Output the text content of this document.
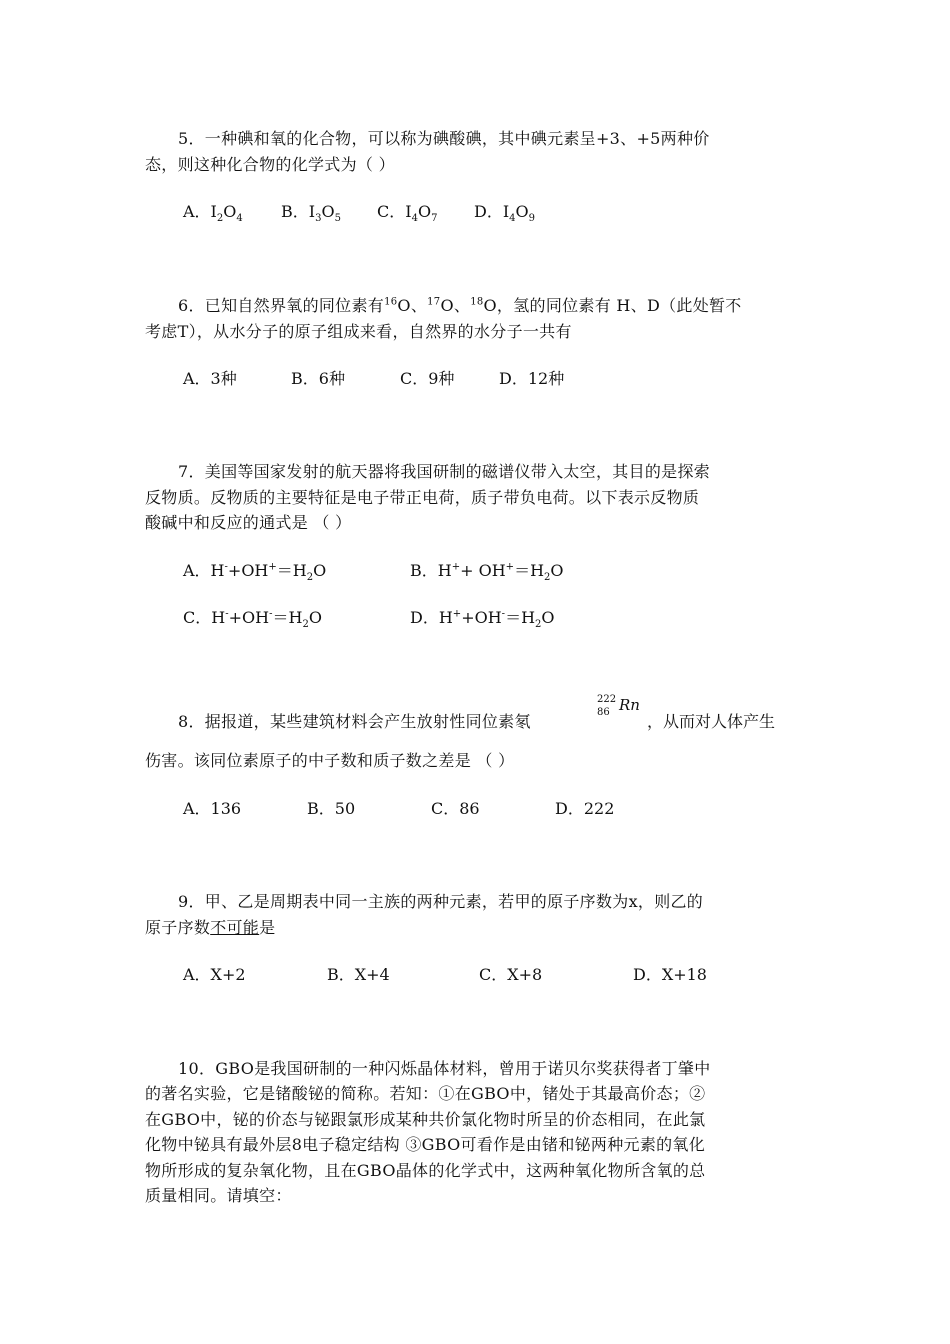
5．一种碘和氧的化合物，可以称为碘酸碘，其中碘元素呈+3、+5两种价
态，则这种化合物的化学式为（ ）
A．$I_2O_4$ B．$I_3O_5$ C．$I_4O_7$ D．$I_4O_9$
6．已知自然界氧的同位素有$^{16}$O、$^{17}$O、$^{18}$O，氢的同位素有 H、D（此处暂不
考虑T），从水分子的原子组成来看，自然界的水分子一共有
A．3种	B．6种	C．9种	D．12种
7．美国等国家发射的航天器将我国研制的磁谱仪带入太空，其目的是探索
反物质。反物质的主要特征是电子带正电荷，质子带负电荷。以下表示反物质
酸碱中和反应的通式是 （ ）
A．$H^-+OH^+=H_2O$	B．$H^++ OH^+=H_2O$
C．$H^-+OH^-=H_2O$	D．$H^++OH^-=H_2O$
8．据报道，某些建筑材料会产生放射性同位素氡
222
86 Rn
，从而对人体产生
伤害。该同位素原子的中子数和质子数之差是 （ ）
A．136	B．50	C．86	D．222
9．甲、乙是周期表中同一主族的两种元素，若甲的原子序数为x，则乙的
原子序数不可能是
A．X+2	B．X+4	C．X+8	D．X+18
10．GBO是我国研制的一种闪烁晶体材料，曾用于诺贝尔奖获得者丁肇中
的著名实验，它是锗酸铋的简称。若知：①在GBO中，锗处于其最高价态；②
在GBO中，铋的价态与铋跟氯形成某种共价氯化物时所呈的价态相同，在此氯
化物中铋具有最外层8电子稳定结构 ③GBO可看作是由锗和铋两种元素的氧化
物所形成的复杂氧化物，且在GBO晶体的化学式中，这两种氧化物所含氧的总
质量相同。请填空：
